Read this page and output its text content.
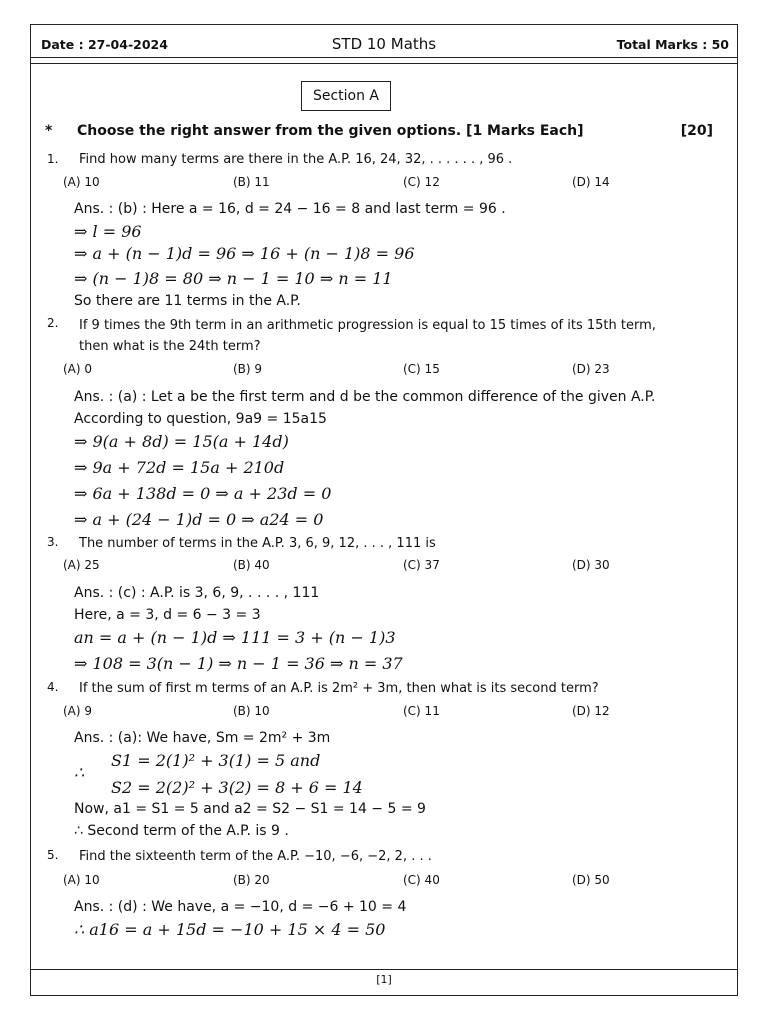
STD 10 Maths
Date : 27-04-2024	Total Marks : 50
Section A
* Choose the right answer from the given options. [1 Marks Each]	[20]
1. Find how many terms are there in the A.P. 16, 24, 32, . . . . . . , 96 .
(A) 10	(B) 11	(C) 12	(D) 14
Ans. : (b) : Here a = 16, d = 24 − 16 = 8 and last term = 96 .
⇒ l = 96
⇒ a + (n − 1)d = 96 ⇒ 16 + (n − 1)8 = 96
⇒ (n − 1)8 = 80 ⇒ n − 1 = 10 ⇒ n = 11
So there are 11 terms in the A.P.
2. If 9 times the 9th term in an arithmetic progression is equal to 15 times of its 15th term,
then what is the 24th term?
(A) 0	(B) 9	(C) 15	(D) 23
Ans. : (a) : Let a be the first term and d be the common difference of the given A.P.
According to question, 9a9 = 15a15
⇒ 9(a + 8d) = 15(a + 14d)
⇒ 9a + 72d = 15a + 210d
⇒ 6a + 138d = 0 ⇒ a + 23d = 0
⇒ a + (24 − 1)d = 0 ⇒ a24 = 0
3. The number of terms in the A.P. 3, 6, 9, 12, . . . , 111 is
(A) 25	(B) 40	(C) 37	(D) 30
Ans. : (c) : A.P. is 3, 6, 9, . . . . , 111
Here, a = 3, d = 6 − 3 = 3
an = a + (n − 1)d ⇒ 111 = 3 + (n − 1)3
⇒ 108 = 3(n − 1) ⇒ n − 1 = 36 ⇒ n = 37
4. If the sum of first m terms of an A.P. is 2m² + 3m, then what is its second term?
(A) 9	(B) 10	(C) 11	(D) 12
Ans. : (a): We have, Sm = 2m² + 3m
S1 = 2(1)² + 3(1) = 5 and
∴
S2 = 2(2)² + 3(2) = 8 + 6 = 14
Now, a1 = S1 = 5 and a2 = S2 − S1 = 14 − 5 = 9
∴ Second term of the A.P. is 9 .
5. Find the sixteenth term of the A.P. −10, −6, −2, 2, . . .
(A) 10	(B) 20	(C) 40	(D) 50
Ans. : (d) : We have, a = −10, d = −6 + 10 = 4
∴ a16 = a + 15d = −10 + 15 × 4 = 50
[1]
